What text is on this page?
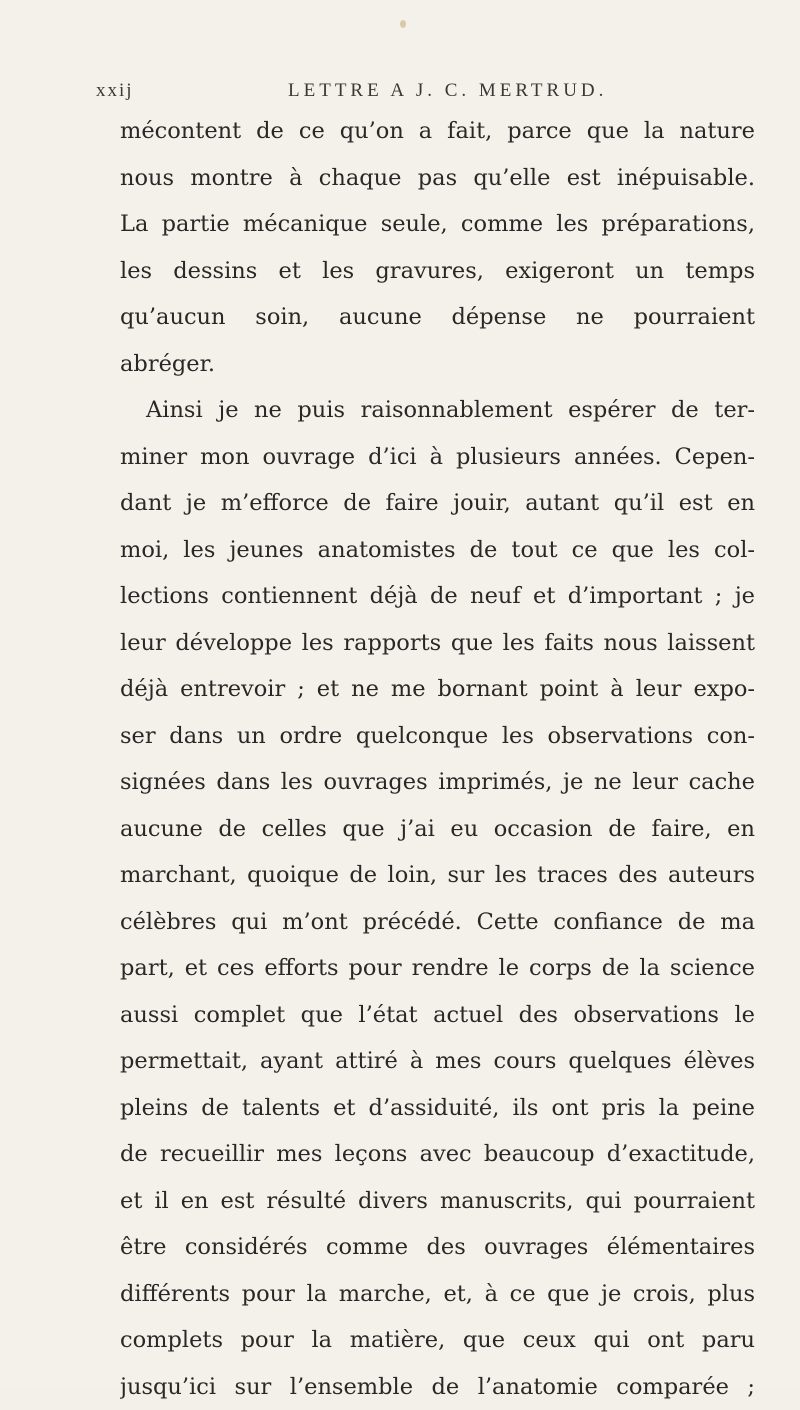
xxij	LETTRE A J. C. MERTRUD.
mécontent de ce qu’on a fait, parce que la nature
nous montre à chaque pas qu’elle est inépuisable.
La partie mécanique seule, comme les préparations,
les dessins et les gravures, exigeront un temps
qu’aucun soin, aucune dépense ne pourraient
abréger.
Ainsi je ne puis raisonnablement espérer de ter-
miner mon ouvrage d’ici à plusieurs années. Cepen-
dant je m’efforce de faire jouir, autant qu’il est en
moi, les jeunes anatomistes de tout ce que les col-
lections contiennent déjà de neuf et d’important ; je
leur développe les rapports que les faits nous laissent
déjà entrevoir ; et ne me bornant point à leur expo-
ser dans un ordre quelconque les observations con-
signées dans les ouvrages imprimés, je ne leur cache
aucune de celles que j’ai eu occasion de faire, en
marchant, quoique de loin, sur les traces des auteurs
célèbres qui m’ont précédé. Cette confiance de ma
part, et ces efforts pour rendre le corps de la science
aussi complet que l’état actuel des observations le
permettait, ayant attiré à mes cours quelques élèves
pleins de talents et d’assiduité, ils ont pris la peine
de recueillir mes leçons avec beaucoup d’exactitude,
et il en est résulté divers manuscrits, qui pourraient
être considérés comme des ouvrages élémentaires
différents pour la marche, et, à ce que je crois, plus
complets pour la matière, que ceux qui ont paru
jusqu’ici sur l’ensemble de l’anatomie comparée ;
